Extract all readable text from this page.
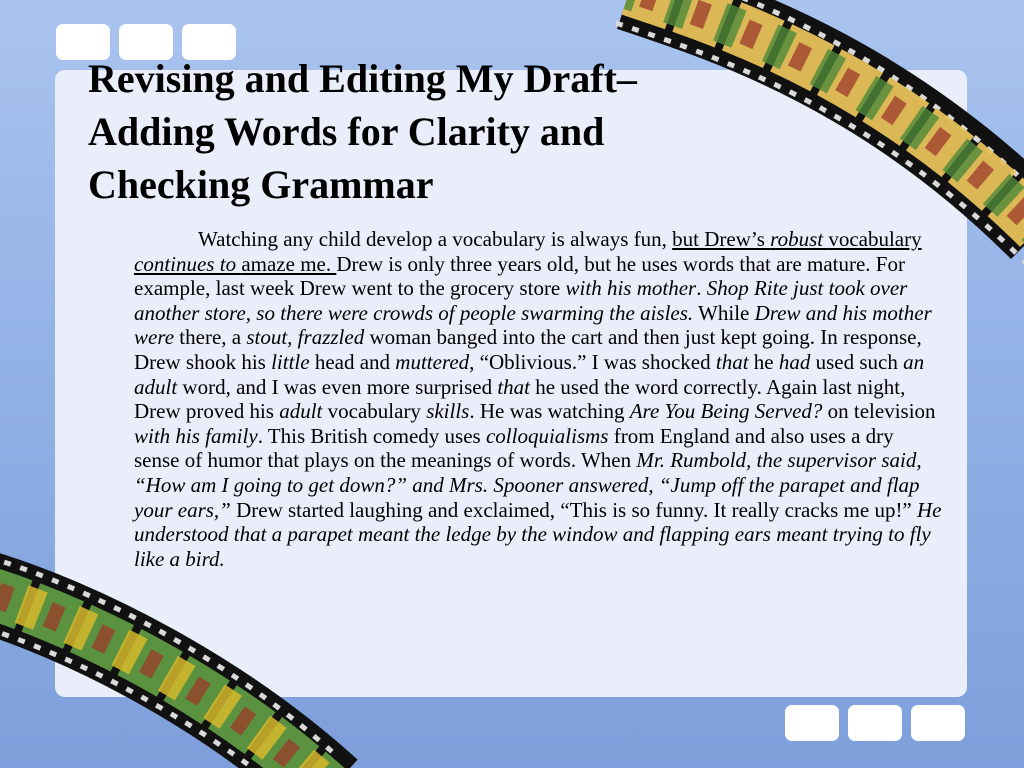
Revising and Editing My Draft– Adding Words for Clarity and Checking Grammar

Watching any child develop a vocabulary is always fun, but Drew’s robust vocabulary continues to amaze me. Drew is only three years old, but he uses words that are mature. For example, last week Drew went to the grocery store with his mother. Shop Rite just took over another store, so there were crowds of people swarming the aisles. While Drew and his mother were there, a stout, frazzled woman banged into the cart and then just kept going. In response, Drew shook his little head and muttered, “Oblivious.” I was shocked that he had used such an adult word, and I was even more surprised that he used the word correctly. Again last night, Drew proved his adult vocabulary skills. He was watching Are You Being Served? on television with his family. This British comedy uses colloquialisms from England and also uses a dry sense of humor that plays on the meanings of words. When Mr. Rumbold, the supervisor said, “How am I going to get down?” and Mrs. Spooner answered, “Jump off the parapet and flap your ears,” Drew started laughing and exclaimed, “This is so funny. It really cracks me up!” He understood that a parapet meant the ledge by the window and flapping ears meant trying to fly like a bird.
